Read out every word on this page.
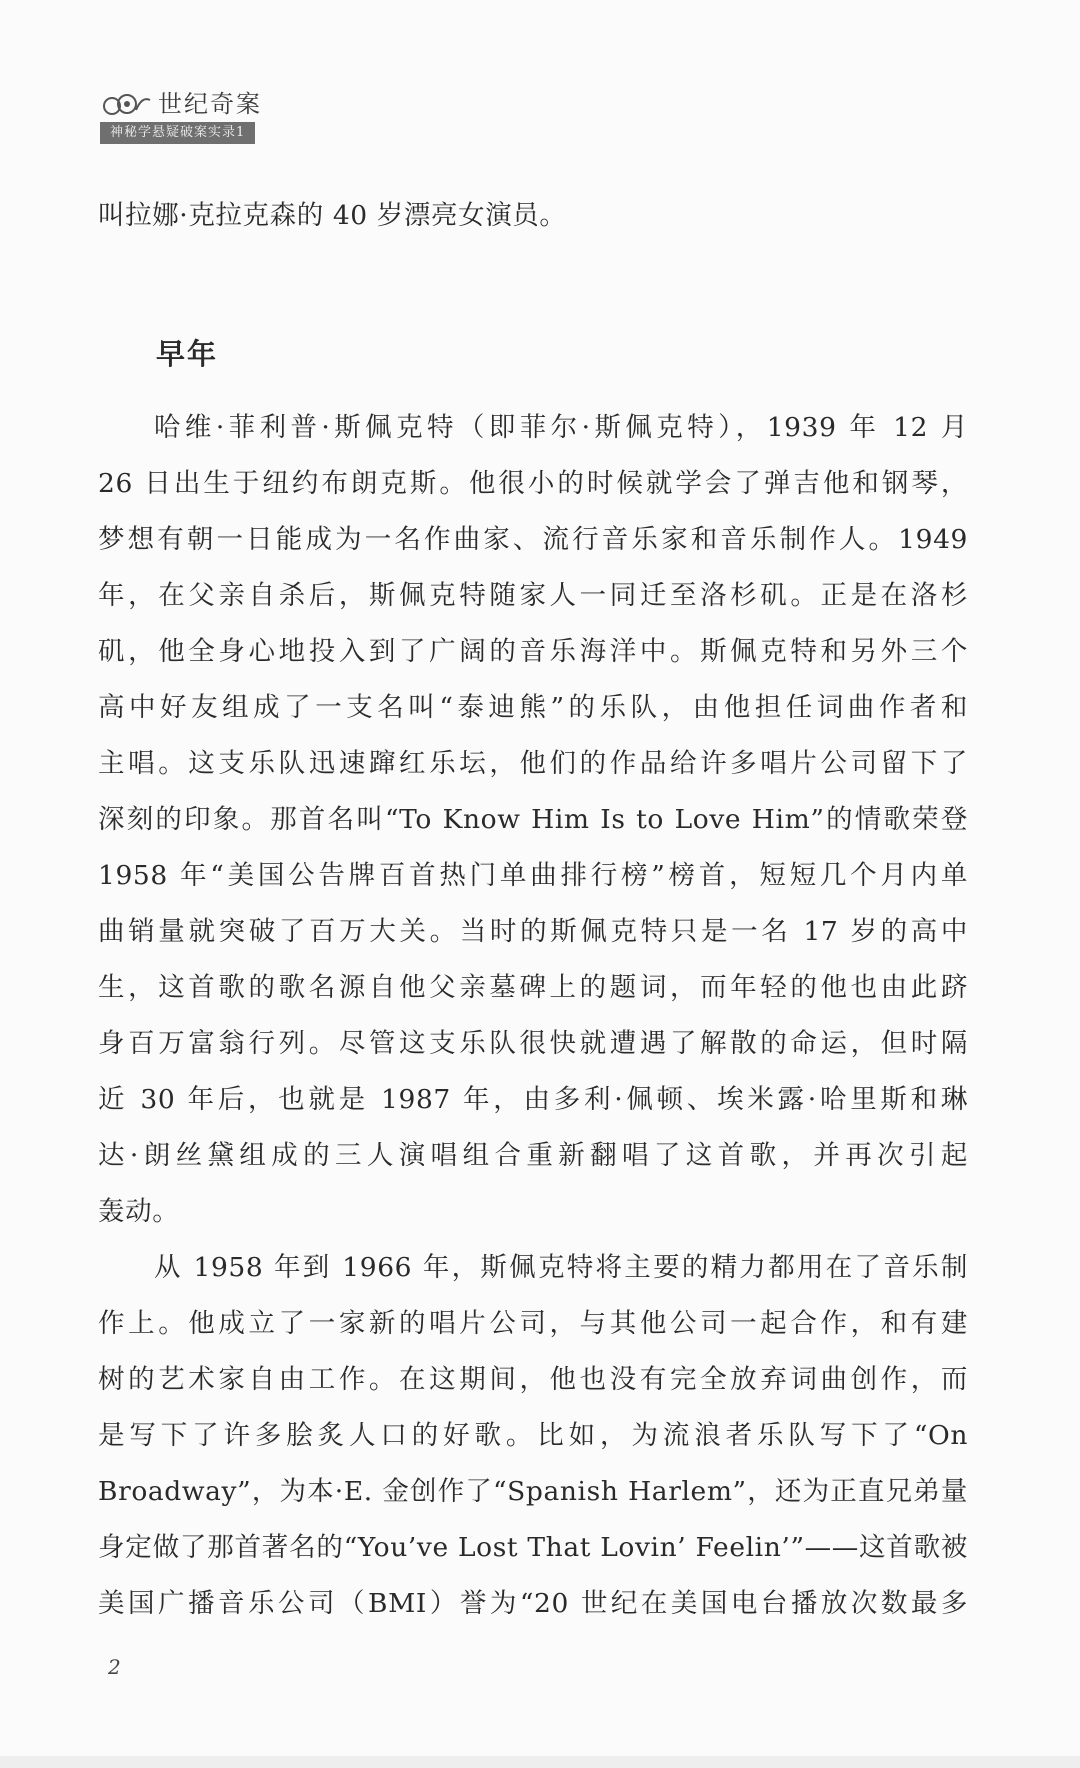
世纪奇案
神秘学悬疑破案实录1
叫拉娜·克拉克森的 40 岁漂亮女演员。
早年
哈维·菲利普·斯佩克特（即菲尔·斯佩克特），1939 年 12 月
26 日出生于纽约布朗克斯。他很小的时候就学会了弹吉他和钢琴，
梦想有朝一日能成为一名作曲家、流行音乐家和音乐制作人。1949
年，在父亲自杀后，斯佩克特随家人一同迁至洛杉矶。正是在洛杉
矶，他全身心地投入到了广阔的音乐海洋中。斯佩克特和另外三个
高中好友组成了一支名叫“泰迪熊”的乐队，由他担任词曲作者和
主唱。这支乐队迅速蹿红乐坛，他们的作品给许多唱片公司留下了
深刻的印象。那首名叫“To Know Him Is to Love Him”的情歌荣登
1958 年“美国公告牌百首热门单曲排行榜”榜首，短短几个月内单
曲销量就突破了百万大关。当时的斯佩克特只是一名 17 岁的高中
生，这首歌的歌名源自他父亲墓碑上的题词，而年轻的他也由此跻
身百万富翁行列。尽管这支乐队很快就遭遇了解散的命运，但时隔
近 30 年后，也就是 1987 年，由多利·佩顿、埃米露·哈里斯和琳
达·朗丝黛组成的三人演唱组合重新翻唱了这首歌，并再次引起
轰动。
从 1958 年到 1966 年，斯佩克特将主要的精力都用在了音乐制
作上。他成立了一家新的唱片公司，与其他公司一起合作，和有建
树的艺术家自由工作。在这期间，他也没有完全放弃词曲创作，而
是写下了许多脍炙人口的好歌。比如，为流浪者乐队写下了“On
Broadway”，为本·E. 金创作了“Spanish Harlem”，还为正直兄弟量
身定做了那首著名的“You’ve Lost That Lovin’ Feelin’”——这首歌被
美国广播音乐公司（BMI）誉为“20 世纪在美国电台播放次数最多
2
